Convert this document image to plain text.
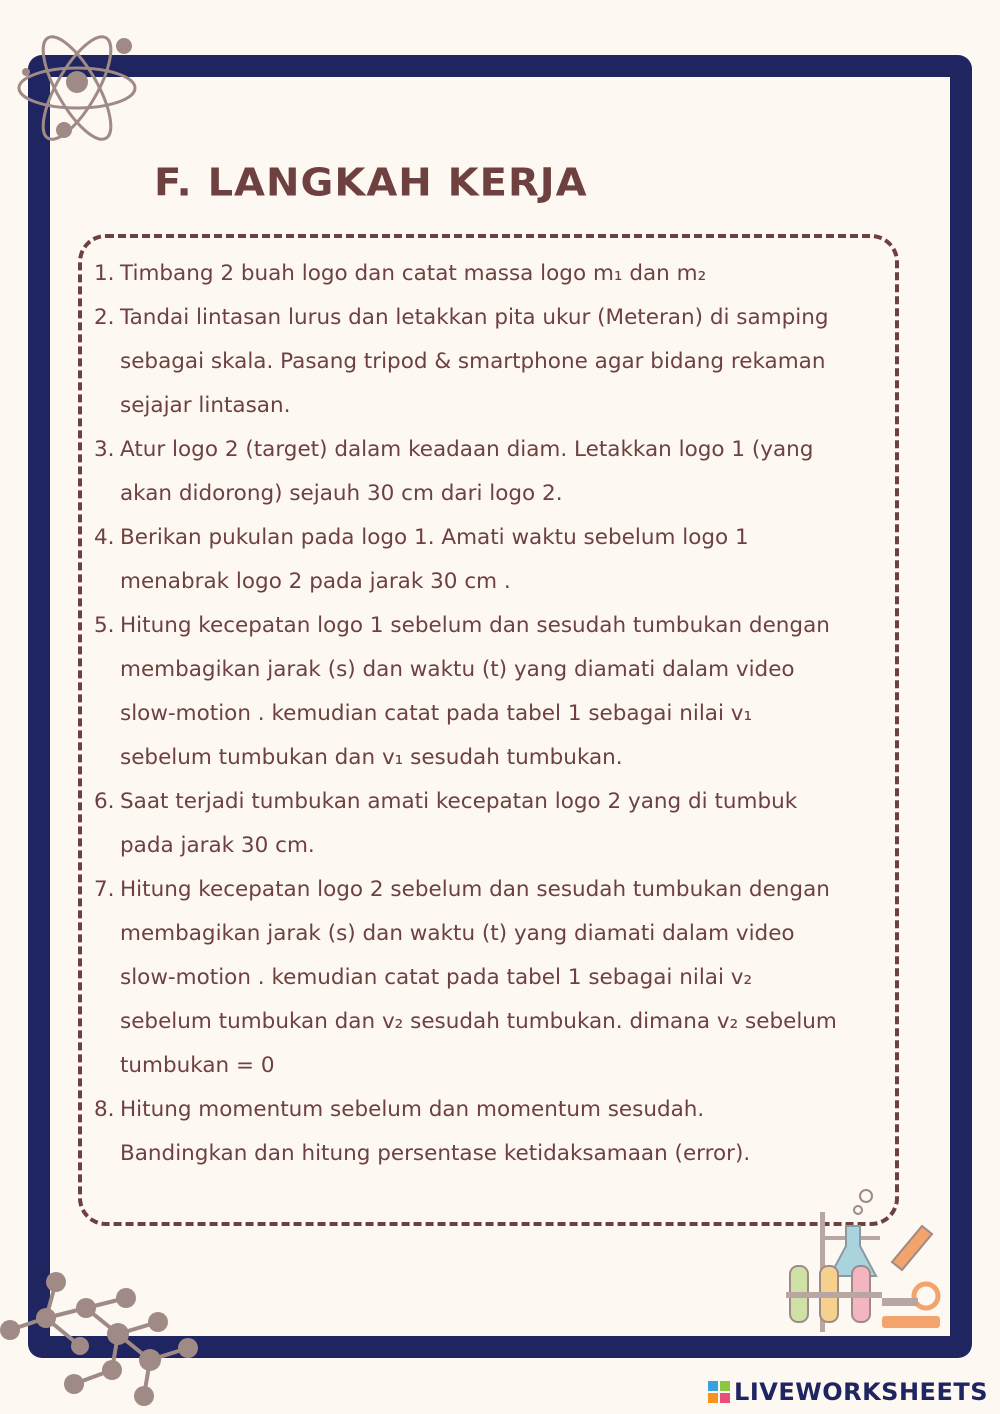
F. LANGKAH KERJA
1. Timbang 2 buah logo dan catat massa logo m₁ dan m₂
2. Tandai lintasan lurus dan letakkan pita ukur (Meteran) di samping
sebagai skala. Pasang tripod & smartphone agar bidang rekaman
sejajar lintasan.
3. Atur logo 2 (target) dalam keadaan diam. Letakkan logo 1 (yang
akan didorong) sejauh 30 cm dari logo 2.
4. Berikan pukulan pada logo 1. Amati waktu sebelum logo 1
menabrak logo 2 pada jarak 30 cm .
5. Hitung kecepatan logo 1 sebelum dan sesudah tumbukan dengan
membagikan jarak (s) dan waktu (t) yang diamati dalam video
slow-motion . kemudian catat pada tabel 1 sebagai nilai v₁
sebelum tumbukan dan v₁ sesudah tumbukan.
6. Saat terjadi tumbukan amati kecepatan logo 2 yang di tumbuk
pada jarak 30 cm.
7. Hitung kecepatan logo 2 sebelum dan sesudah tumbukan dengan
membagikan jarak (s) dan waktu (t) yang diamati dalam video
slow-motion . kemudian catat pada tabel 1 sebagai nilai v₂
sebelum tumbukan dan v₂ sesudah tumbukan. dimana v₂ sebelum
tumbukan = 0
8. Hitung momentum sebelum dan momentum sesudah.
Bandingkan dan hitung persentase ketidaksamaan (error).
LIVEWORKSHEETS
